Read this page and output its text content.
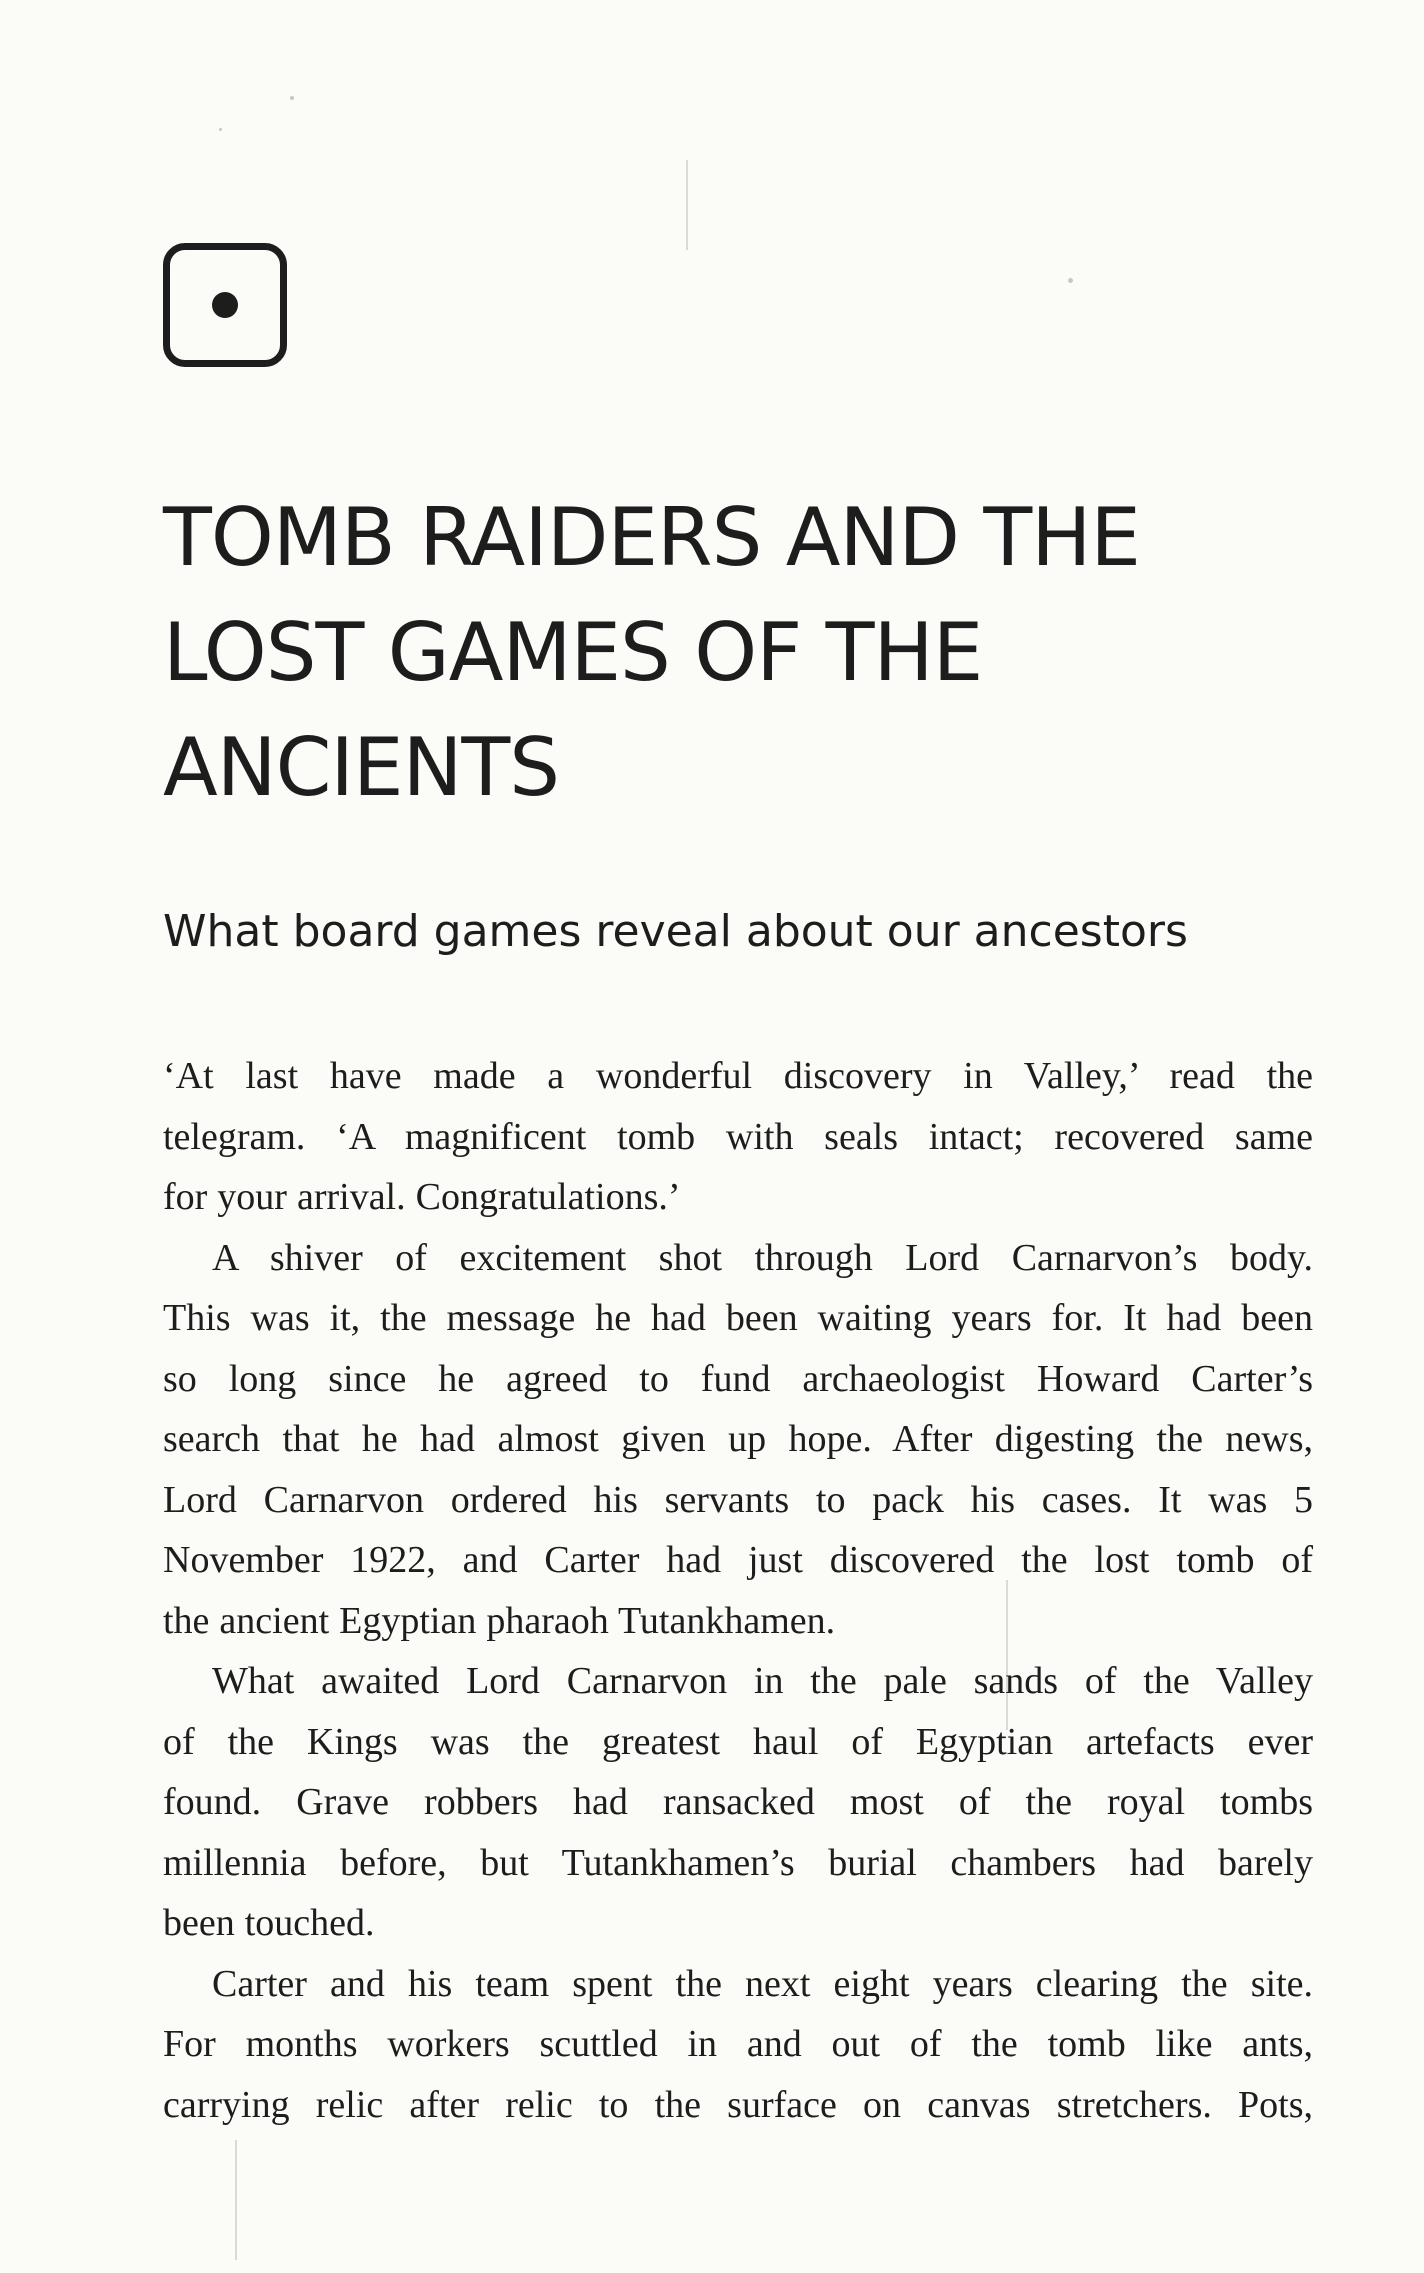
TOMB RAIDERS AND THE
LOST GAMES OF THE
ANCIENTS
What board games reveal about our ancestors

‘At last have made a wonderful discovery in Valley,’ read the
telegram. ‘A magnificent tomb with seals intact; recovered same
for your arrival. Congratulations.’

A shiver of excitement shot through Lord Carnarvon’s body.
This was it, the message he had been waiting years for. It had been
so long since he agreed to fund archaeologist Howard Carter’s
search that he had almost given up hope. After digesting the news,
Lord Carnarvon ordered his servants to pack his cases. It was 5
November 1922, and Carter had just discovered the lost tomb of
the ancient Egyptian pharaoh Tutankhamen.

What awaited Lord Carnarvon in the pale sands of the Valley
of the Kings was the greatest haul of Egyptian artefacts ever
found. Grave robbers had ransacked most of the royal tombs
millennia before, but Tutankhamen’s burial chambers had barely
been touched.

Carter and his team spent the next eight years clearing the site.
For months workers scuttled in and out of the tomb like ants,
carrying relic after relic to the surface on canvas stretchers. Pots,
